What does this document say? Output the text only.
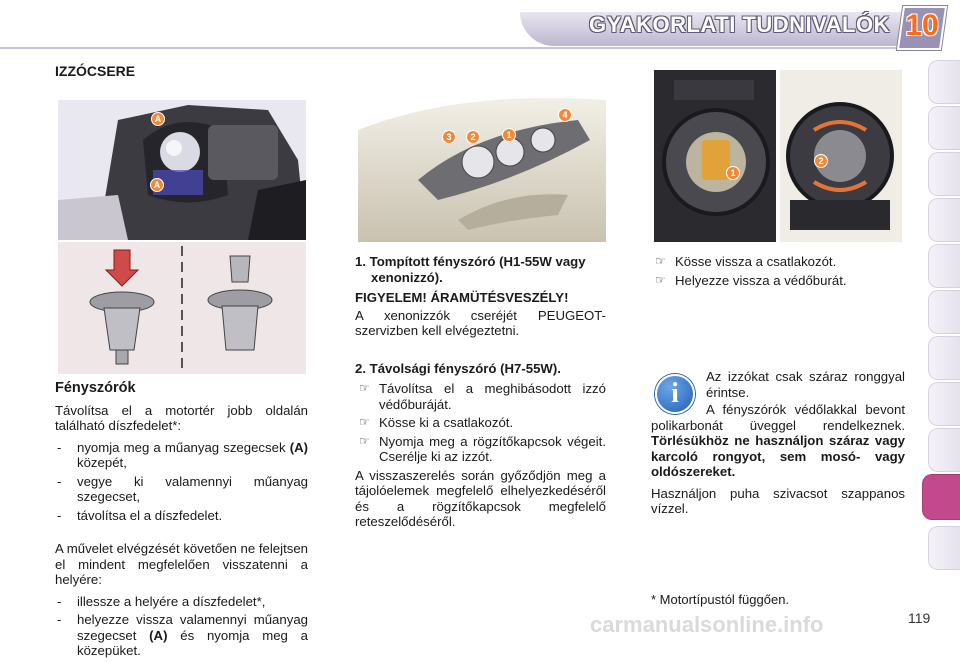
GYAKORLATI TUDNIVALÓK 10
IZZÓCSERE
A
A
Fényszórók

Távolítsa el a motortér jobb oldalán található díszfedelet*:

- nyomja meg a műanyag szegecsek (A) közepét,
- vegye ki valamennyi műanyag szegecset,
- távolítsa el a díszfedelet.

A művelet elvégzését követően ne felejtsen el mindent megfelelően visszatenni a helyére:

- illessze a helyére a díszfedelet*,
- helyezze vissza valamennyi műanyag szegecset (A) és nyomja meg a közepüket.
3	2	1
4
1. Tompított fényszóró (H1-55W vagy xenonizzó).

FIGYELEM! ÁRAMÜTÉSVESZÉLY!

A xenonizzók cseréjét PEUGEOT-szervizben kell elvégeztetni.

2. Távolsági fényszóró (H7-55W).
☞ Távolítsa el a meghibásodott izzó védőburáját.
☞ Kösse ki a csatlakozót.
☞ Nyomja meg a rögzítőkapcsok végeit. Cserélje ki az izzót.

A visszaszerelés során győződjön meg a tájolóelemek megfelelő elhelyezkedéséről és a rögzítőkapcsok megfelelő reteszelődéséről.

1
2
☞ Kösse vissza a csatlakozót.
☞ Helyezze vissza a védőburát.
i

Az izzókat csak száraz ronggyal érintse.

A fényszórók védőlakkal bevont polikarbonát üveggel rendelkeznek. Törlésükhöz ne használjon száraz vagy karcoló rongyot, sem mosó- vagy oldószereket.

Használjon puha szivacsot szappanos vízzel.

* Motortípustól függően.
carmanualsonline.info	119
